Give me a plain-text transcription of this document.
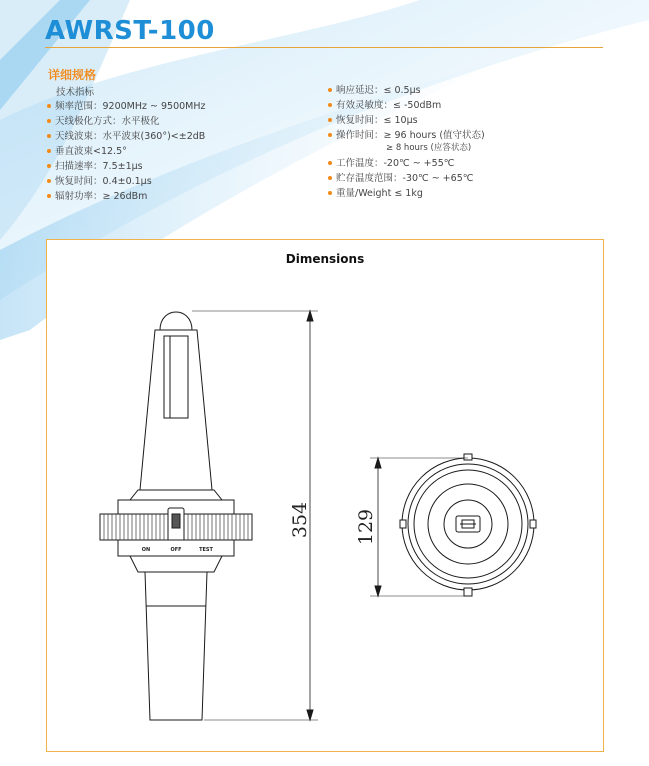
AWRST-100
详细规格
技术指标
频率范围：9200MHz ~ 9500MHz
天线极化方式：水平极化
天线波束：水平波束(360°)<±2dB
垂直波束<12.5°
扫描速率：7.5±1μs
恢复时间：0.4±0.1μs
辐射功率：≥ 26dBm
响应延迟：≤ 0.5μs
有效灵敏度：≤ -50dBm
恢复时间：≤ 10μs
操作时间：≥ 96 hours (值守状态)
≥ 8 hours (应答状态)
工作温度：-20℃ ~ +55℃
贮存温度范围：-30℃ ~ +65℃
重量/Weight ≤ 1kg
Dimensions
354 129
ON	OFF	TEST
